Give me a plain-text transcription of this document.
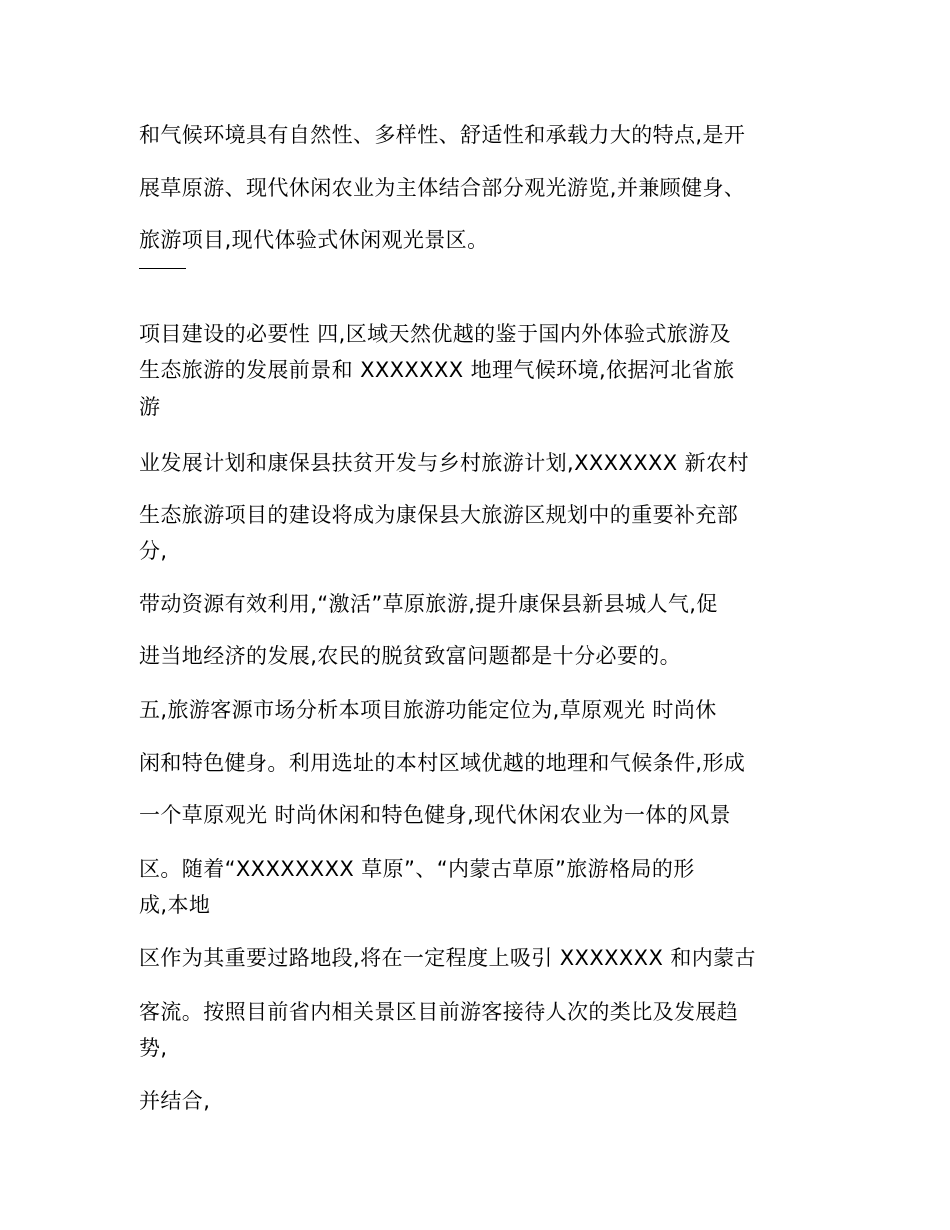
和气候环境具有自然性、多样性、舒适性和承载力大的特点,是开
展草原游、现代休闲农业为主体结合部分观光游览,并兼顾健身、
旅游项目,现代体验式休闲观光景区。
项目建设的必要性 四,区域天然优越的鉴于国内外体验式旅游及
生态旅游的发展前景和 XXXXXXX 地理气候环境,依据河北省旅
游
业发展计划和康保县扶贫开发与乡村旅游计划,XXXXXXX 新农村
生态旅游项目的建设将成为康保县大旅游区规划中的重要补充部
分,
带动资源有效利用,“激活”草原旅游,提升康保县新县城人气,促
进当地经济的发展,农民的脱贫致富问题都是十分必要的。
五,旅游客源市场分析本项目旅游功能定位为,草原观光 时尚休
闲和特色健身。利用选址的本村区域优越的地理和气候条件,形成
一个草原观光 时尚休闲和特色健身,现代休闲农业为一体的风景
区。随着“XXXXXXXX 草原”、“内蒙古草原”旅游格局的形
成,本地
区作为其重要过路地段,将在一定程度上吸引 XXXXXXX 和内蒙古
客流。按照目前省内相关景区目前游客接待人次的类比及发展趋
势,
并结合,
